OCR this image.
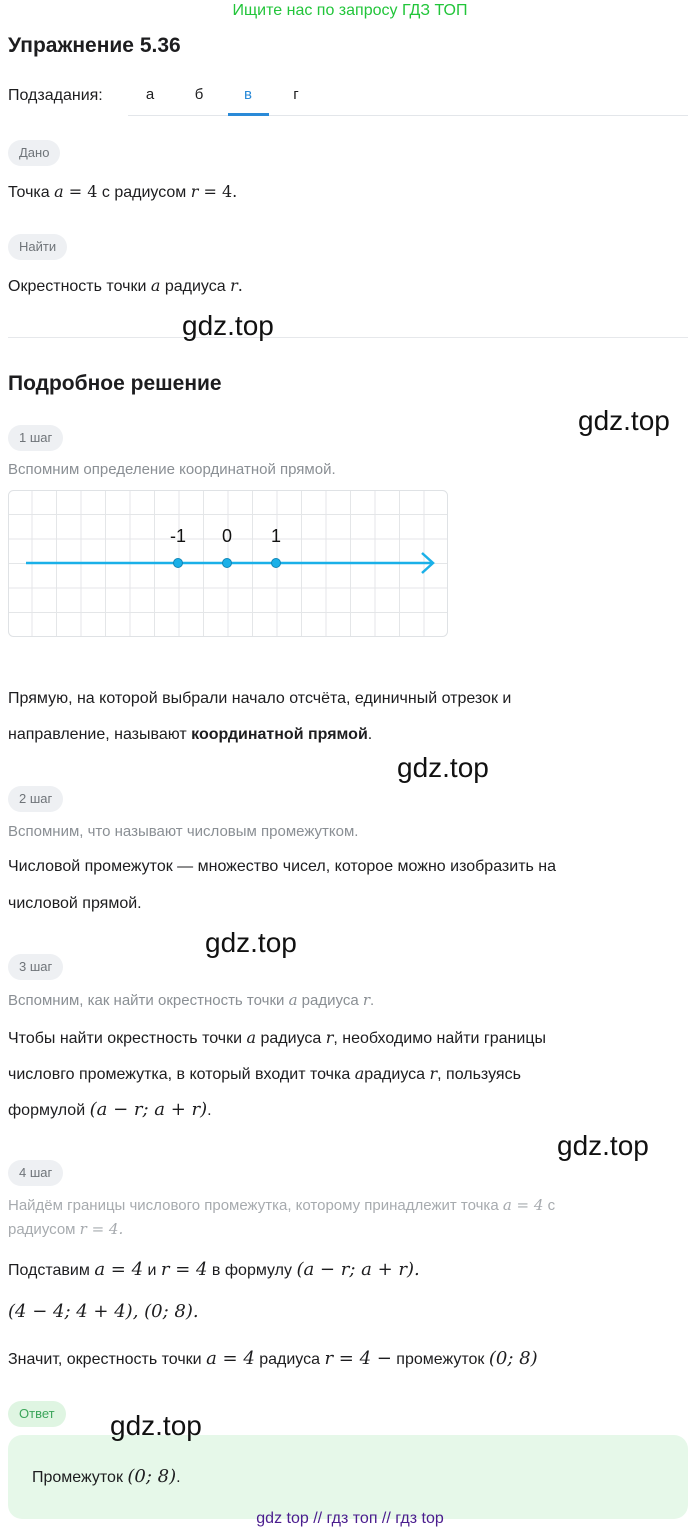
Ищите нас по запросу ГДЗ ТОП
Упражнение 5.36
Подзадания:	а	б	в	г
Дано
Точка a = 4 с радиусом r = 4.
Найти
Окрестность точки a радиуса r.
gdz.top
Подробное решение
gdz.top
1 шаг
Вспомним определение координатной прямой.
-1 0 1
Прямую, на которой выбрали начало отсчёта, единичный отрезок и
направление, называют координатной прямой.
gdz.top
2 шаг
Вспомним, что называют числовым промежутком.
Числовой промежуток — множество чисел, которое можно изобразить на
числовой прямой.
gdz.top
3 шаг
Вспомним, как найти окрестность точки a радиуса r.
Чтобы найти окрестность точки a радиуса r, необходимо найти границы
числовго промежутка, в который входит точка aрадиуса r, пользуясь
формулой (a − r; a + r).
gdz.top
4 шаг
Найдём границы числового промежутка, которому принадлежит точка a = 4 с
радиусом r = 4.
Подставим a = 4 и r = 4 в формулу (a − r; a + r).
(4 − 4; 4 + 4), (0; 8).
Значит, окрестность точки a = 4 радиуса r = 4 − промежуток (0; 8)
Ответ
Промежуток (0; 8).
gdz.top
gdz top // гдз топ // гдз top
